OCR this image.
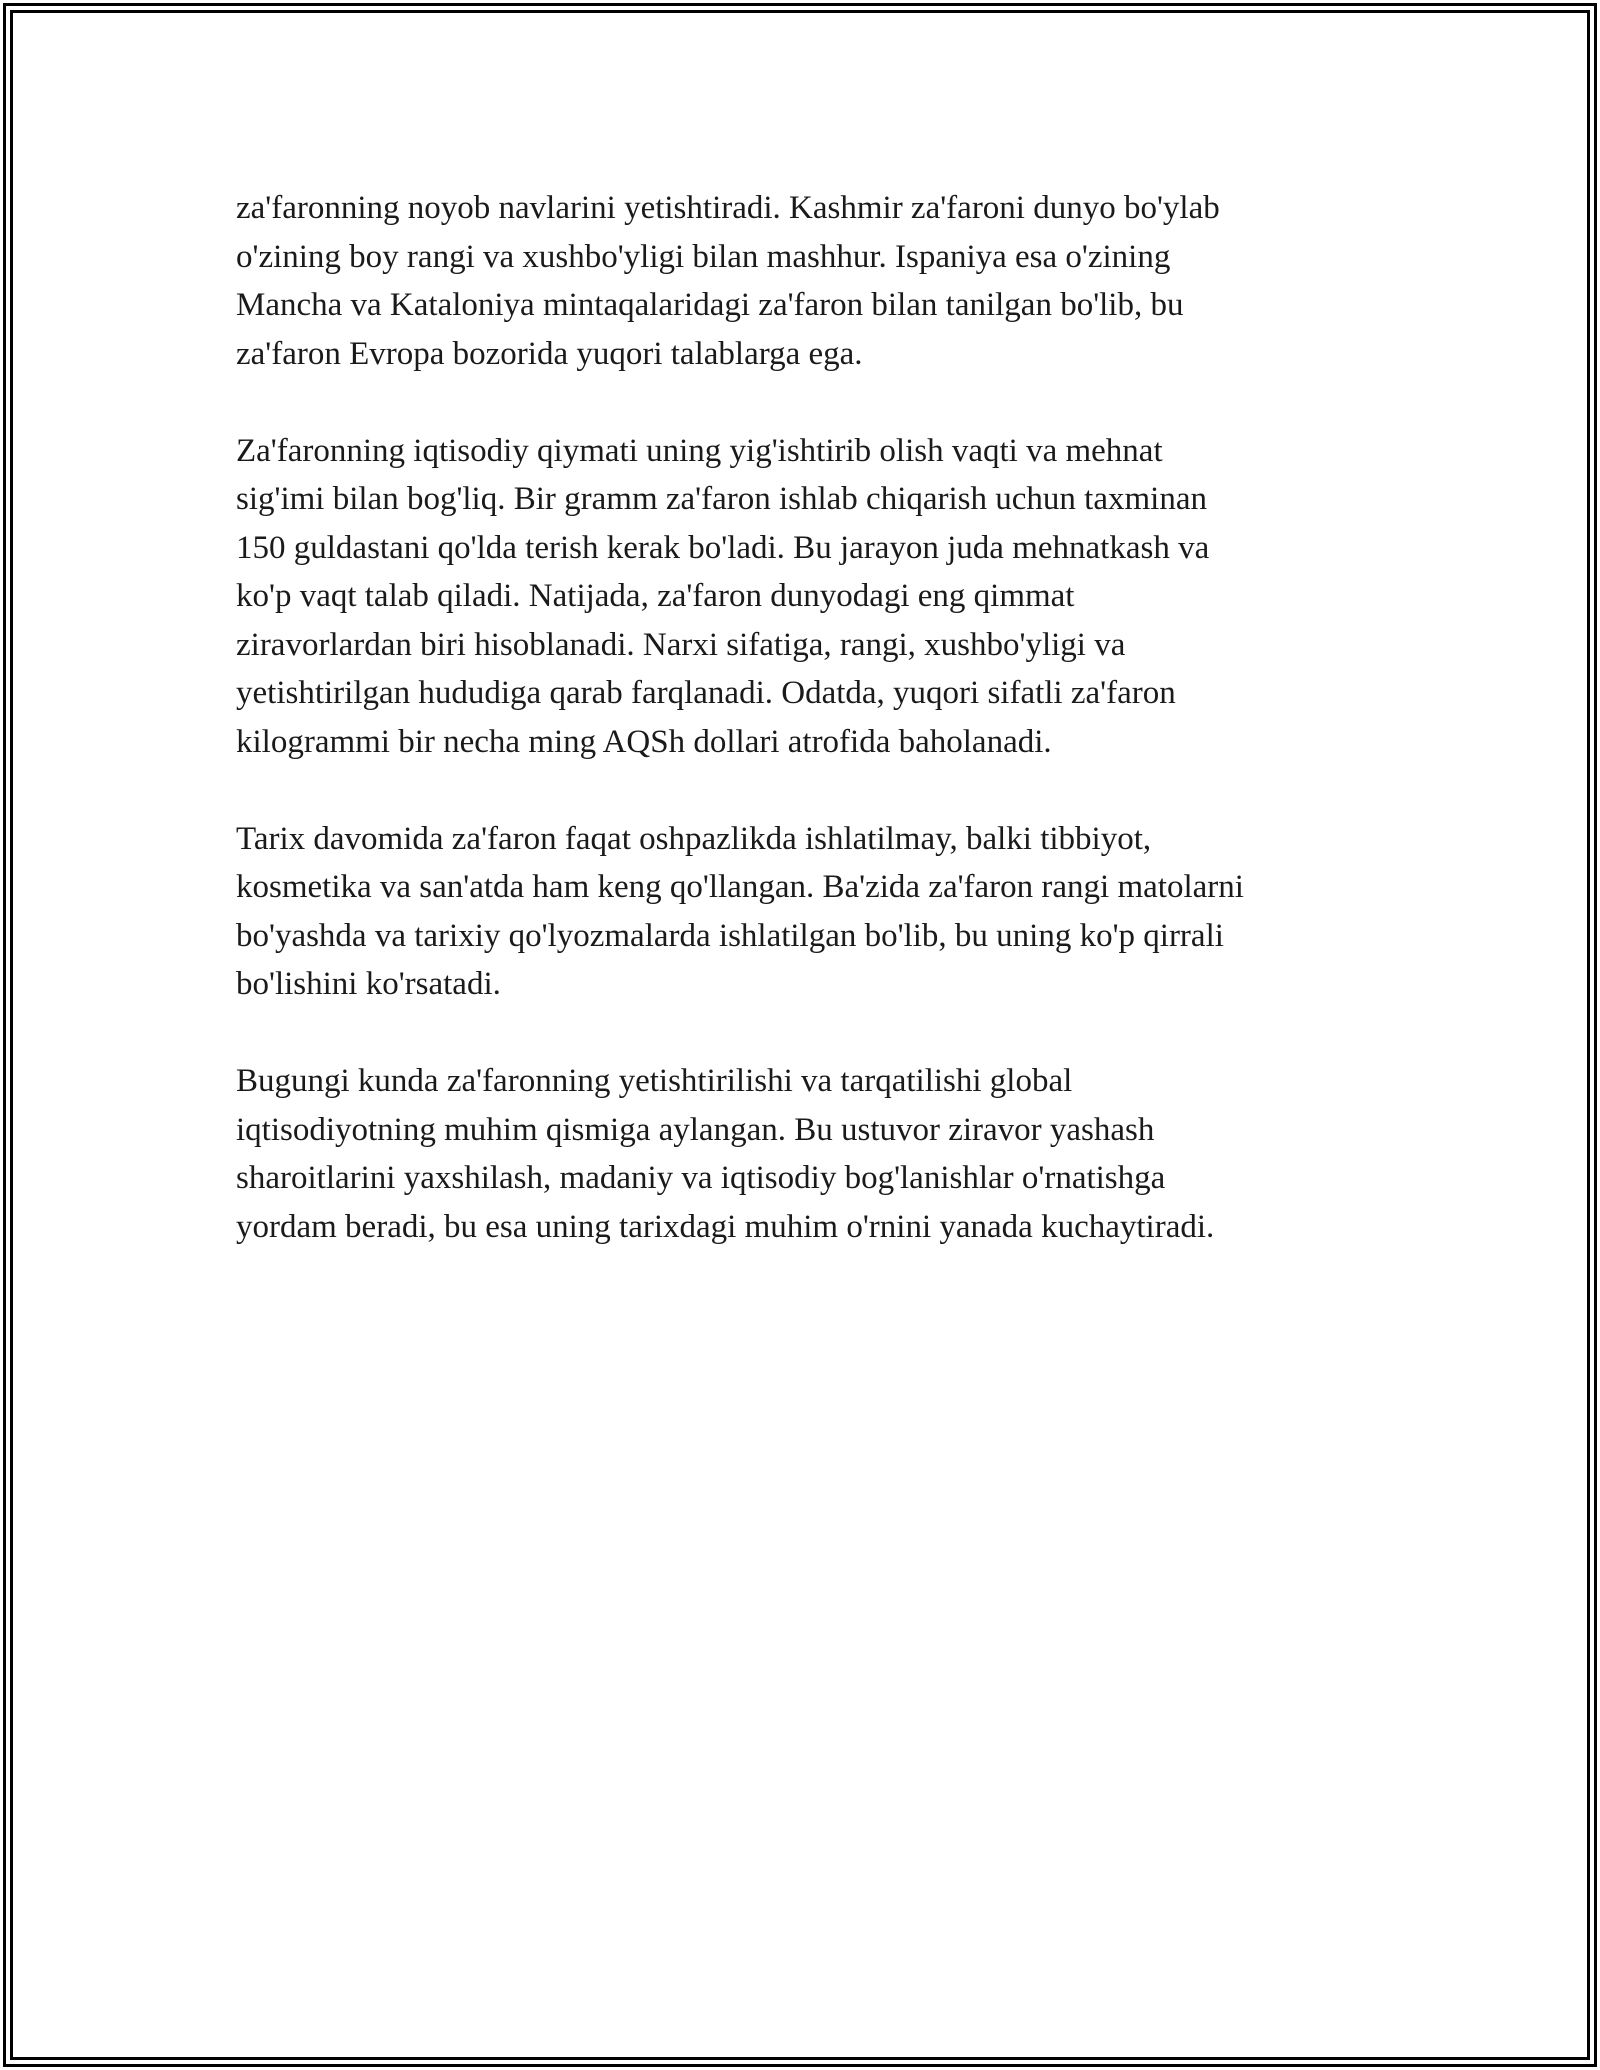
za'faronning noyob navlarini yetishtiradi. Kashmir za'faroni dunyo bo'ylab
o'zining boy rangi va xushbo'yligi bilan mashhur. Ispaniya esa o'zining
Mancha va Kataloniya mintaqalaridagi za'faron bilan tanilgan bo'lib, bu
za'faron Evropa bozorida yuqori talablarga ega.

Za'faronning iqtisodiy qiymati uning yig'ishtirib olish vaqti va mehnat
sig'imi bilan bog'liq. Bir gramm za'faron ishlab chiqarish uchun taxminan
150 guldastani qo'lda terish kerak bo'ladi. Bu jarayon juda mehnatkash va
ko'p vaqt talab qiladi. Natijada, za'faron dunyodagi eng qimmat
ziravorlardan biri hisoblanadi. Narxi sifatiga, rangi, xushbo'yligi va
yetishtirilgan hududiga qarab farqlanadi. Odatda, yuqori sifatli za'faron
kilogrammi bir necha ming AQSh dollari atrofida baholanadi.

Tarix davomida za'faron faqat oshpazlikda ishlatilmay, balki tibbiyot,
kosmetika va san'atda ham keng qo'llangan. Ba'zida za'faron rangi matolarni
bo'yashda va tarixiy qo'lyozmalarda ishlatilgan bo'lib, bu uning ko'p qirrali
bo'lishini ko'rsatadi.

Bugungi kunda za'faronning yetishtirilishi va tarqatilishi global
iqtisodiyotning muhim qismiga aylangan. Bu ustuvor ziravor yashash
sharoitlarini yaxshilash, madaniy va iqtisodiy bog'lanishlar o'rnatishga
yordam beradi, bu esa uning tarixdagi muhim o'rnini yanada kuchaytiradi.
